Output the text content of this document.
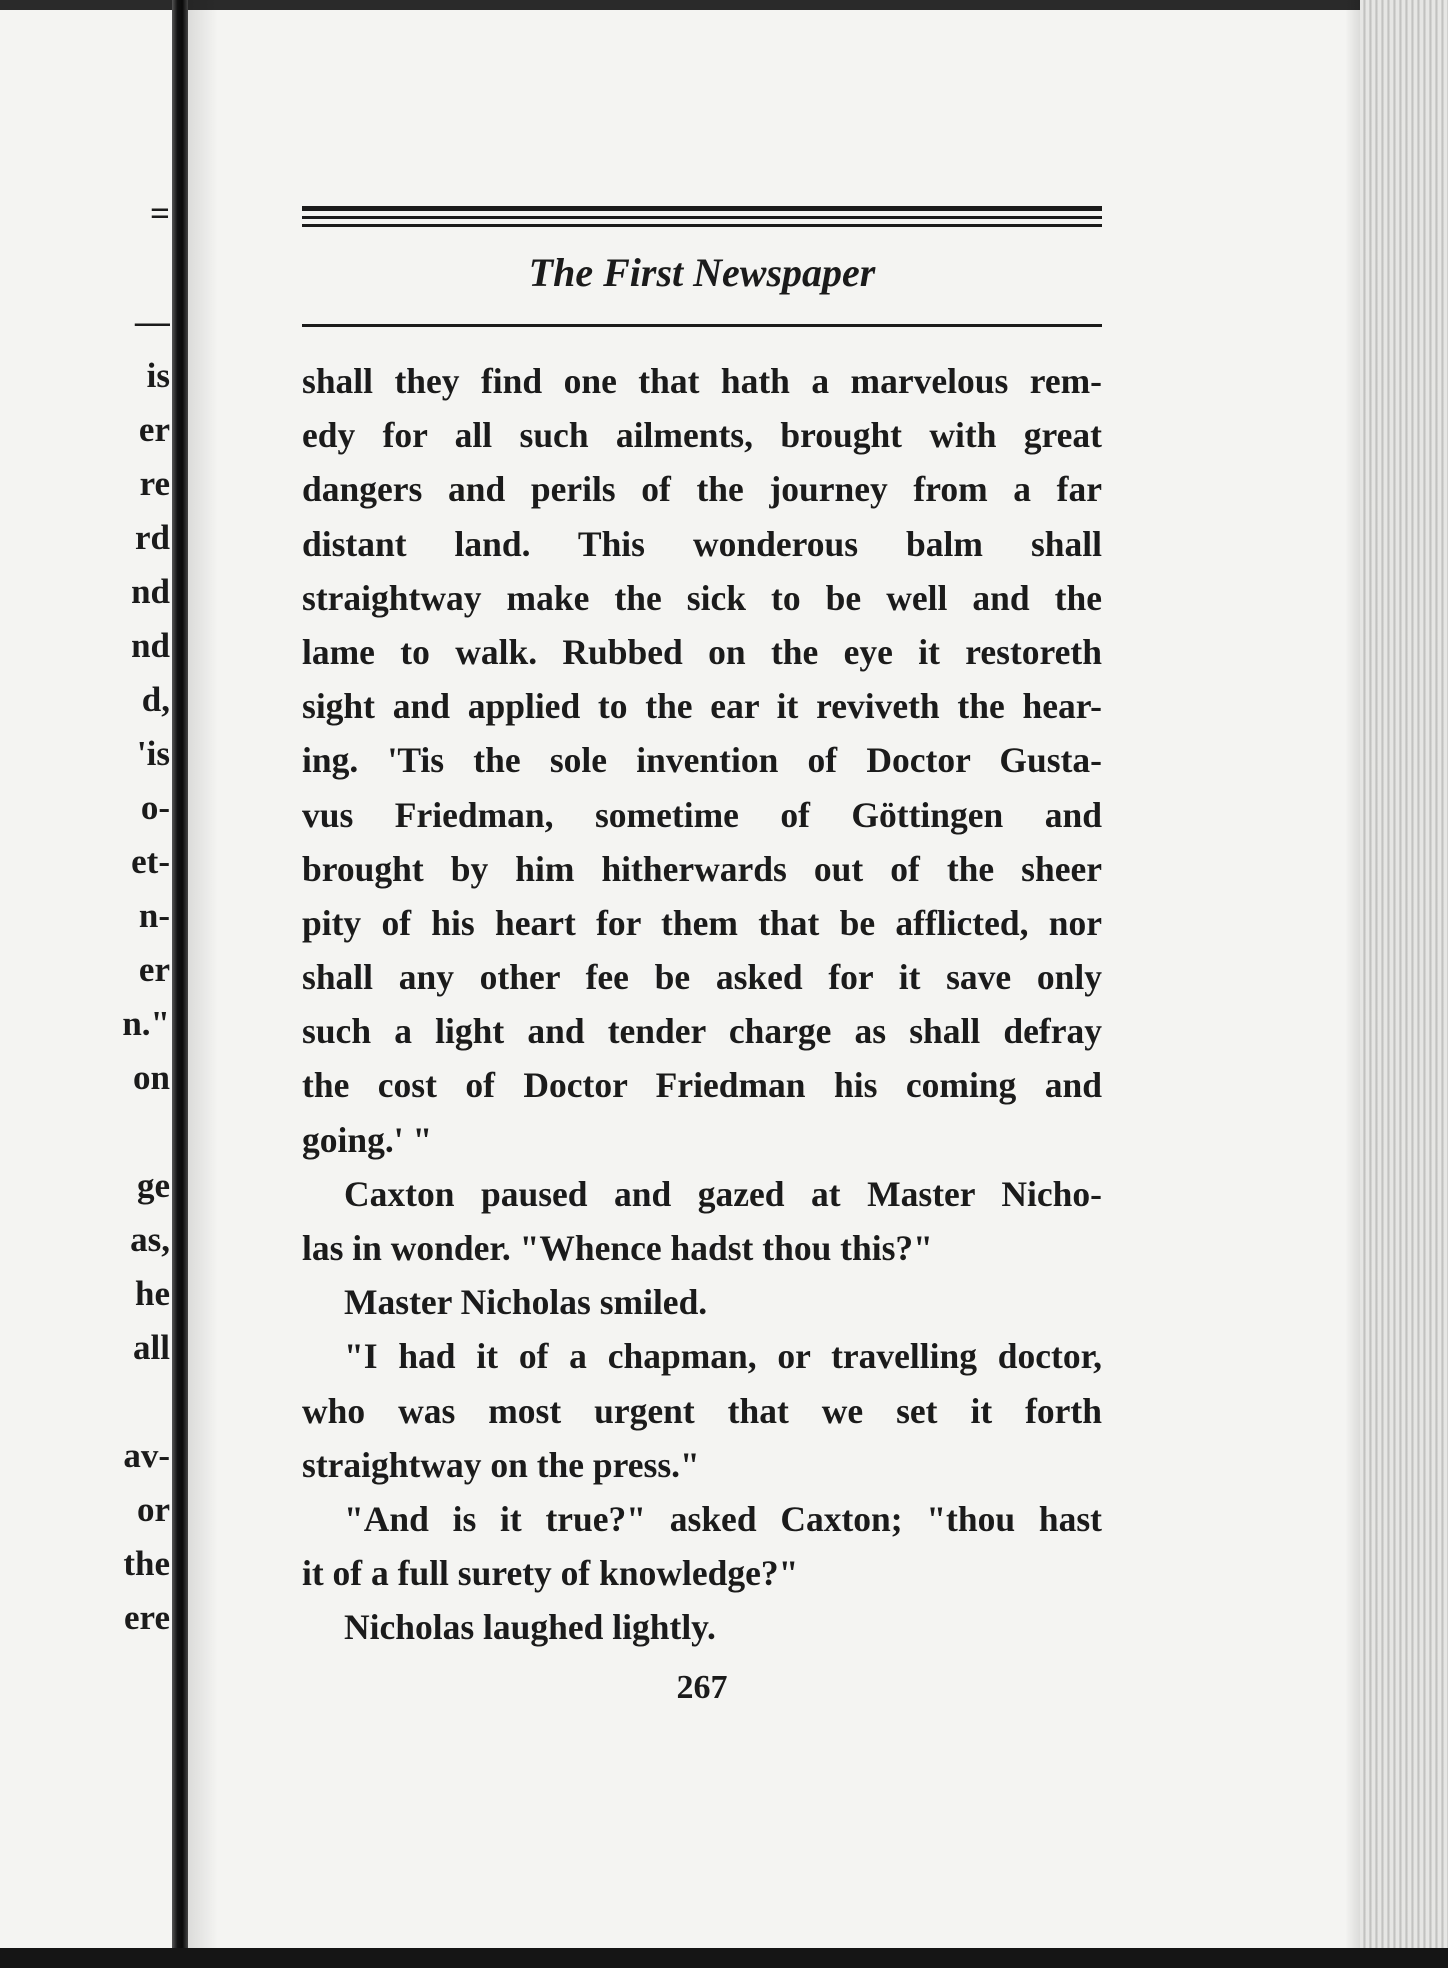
=
—
is
er
re
rd
nd
nd
d,
'is
o-
et-
n-
er
n."
on
ge
as,
he
all
av-
or
the
ere
The First Newspaper
shall they find one that hath a marvelous rem-
edy for all such ailments, brought with great
dangers and perils of the journey from a far
distant land. This wonderous balm shall
straightway make the sick to be well and the
lame to walk. Rubbed on the eye it restoreth
sight and applied to the ear it reviveth the hear-
ing. 'Tis the sole invention of Doctor Gusta-
vus Friedman, sometime of Göttingen and
brought by him hitherwards out of the sheer
pity of his heart for them that be afflicted, nor
shall any other fee be asked for it save only
such a light and tender charge as shall defray
the cost of Doctor Friedman his coming and
going.' "
Caxton paused and gazed at Master Nicho-
las in wonder. "Whence hadst thou this?"
Master Nicholas smiled.
"I had it of a chapman, or travelling doctor,
who was most urgent that we set it forth
straightway on the press."
"And is it true?" asked Caxton; "thou hast
it of a full surety of knowledge?"
Nicholas laughed lightly.
267
